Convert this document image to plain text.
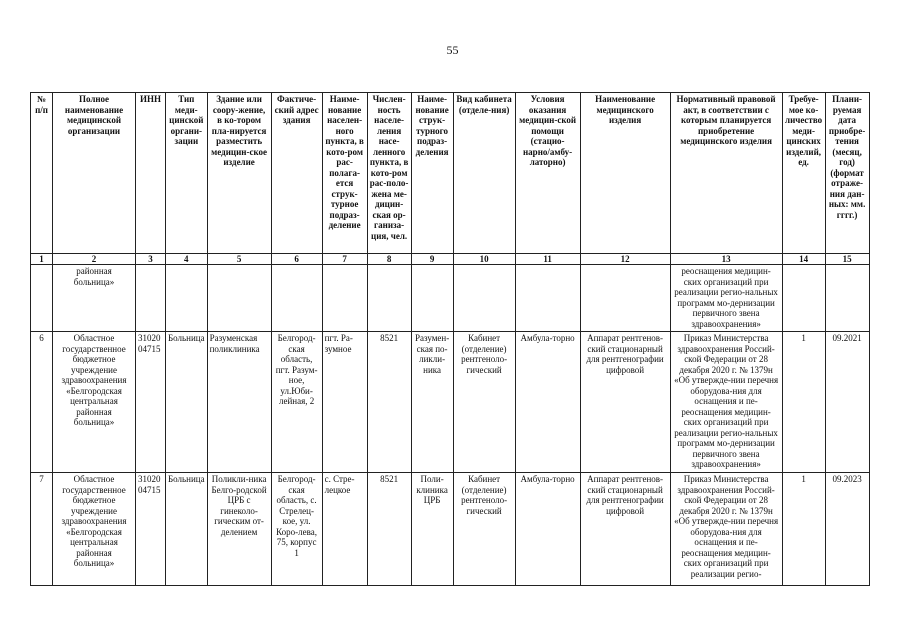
55
№ п/п	Полное наименование медицинской организации	ИНН	Тип меди-цинской органи-зации	Здание или соору-жение, в ко-тором пла-нируется разместить медицин-ское изделие	Фактиче-ский адрес здания	Наиме-нование населен-ного пункта, в кото-ром рас-полага-ется струк-турное подраз-деление	Числен-ность населе-ления насе-ленного пункта, в кото-ром рас-поло-жена ме-дицин-ская ор-ганиза-ция, чел.	Наиме-нование струк-турного подраз-деления	Вид кабинета (отделе-ния)	Условия оказания медицин-ской помощи (стацио-нарно/амбу-латорно)	Наименование медицинского изделия	Нормативный правовой акт, в соответствии с которым планируется приобретение медицинского изделия	Требуе-мое ко-личество меди-цинских изделий, ед.	Плани-руемая дата приобре-тения (месяц, год) (формат отраже-ния дан-ных: мм. гггг.)
1	2	3	4	5	6	7	8	9	10	11	12	13	14	15
	районная больница»											реоснащения медицин-ских организаций при реализации регио-нальных программ мо-дернизации первичного звена здравоохранения»		
6	Областное государственное бюджетное учреждение здравоохранения «Белгородская центральная районная больница»	31020 04715	Больница	Разуменская поликлиника	Белгород-ская область, пгт. Разум-ное, ул.Юби-лейная, 2	пгт. Ра-зумное	8521	Разумен-ская по-ликли-ника	Кабинет (отделение) рентгеноло-гический	Амбула-торно	Аппарат рентгенов-ский стационарный для рентгенографии цифровой	Приказ Министерства здравоохранения Россий-ской Федерации от 28 декабря 2020 г. № 1379н «Об утвержде-нии перечня оборудова-ния для оснащения и пе-реоснащения медицин-ских организаций при реализации регио-нальных программ мо-дернизации первичного звена здравоохранения»	1	09.2021
7	Областное государственное бюджетное учреждение здравоохранения «Белгородская центральная районная больница»	31020 04715	Больница	Поликли-ника Белго-родской ЦРБ с гинеколо-гическим от-делением	Белгород-ская область, с. Стрелец-кое, ул. Коро-лева, 75, корпус 1	с. Стре-лецкое	8521	Поли-клиника ЦРБ	Кабинет (отделение) рентгеноло-гический	Амбула-торно	Аппарат рентгенов-ский стационарный для рентгенографии цифровой	Приказ Министерства здравоохранения Россий-ской Федерации от 28 декабря 2020 г. № 1379н «Об утвержде-нии перечня оборудова-ния для оснащения и пе-реоснащения медицин-ских организаций при реализации регио-	1	09.2023
